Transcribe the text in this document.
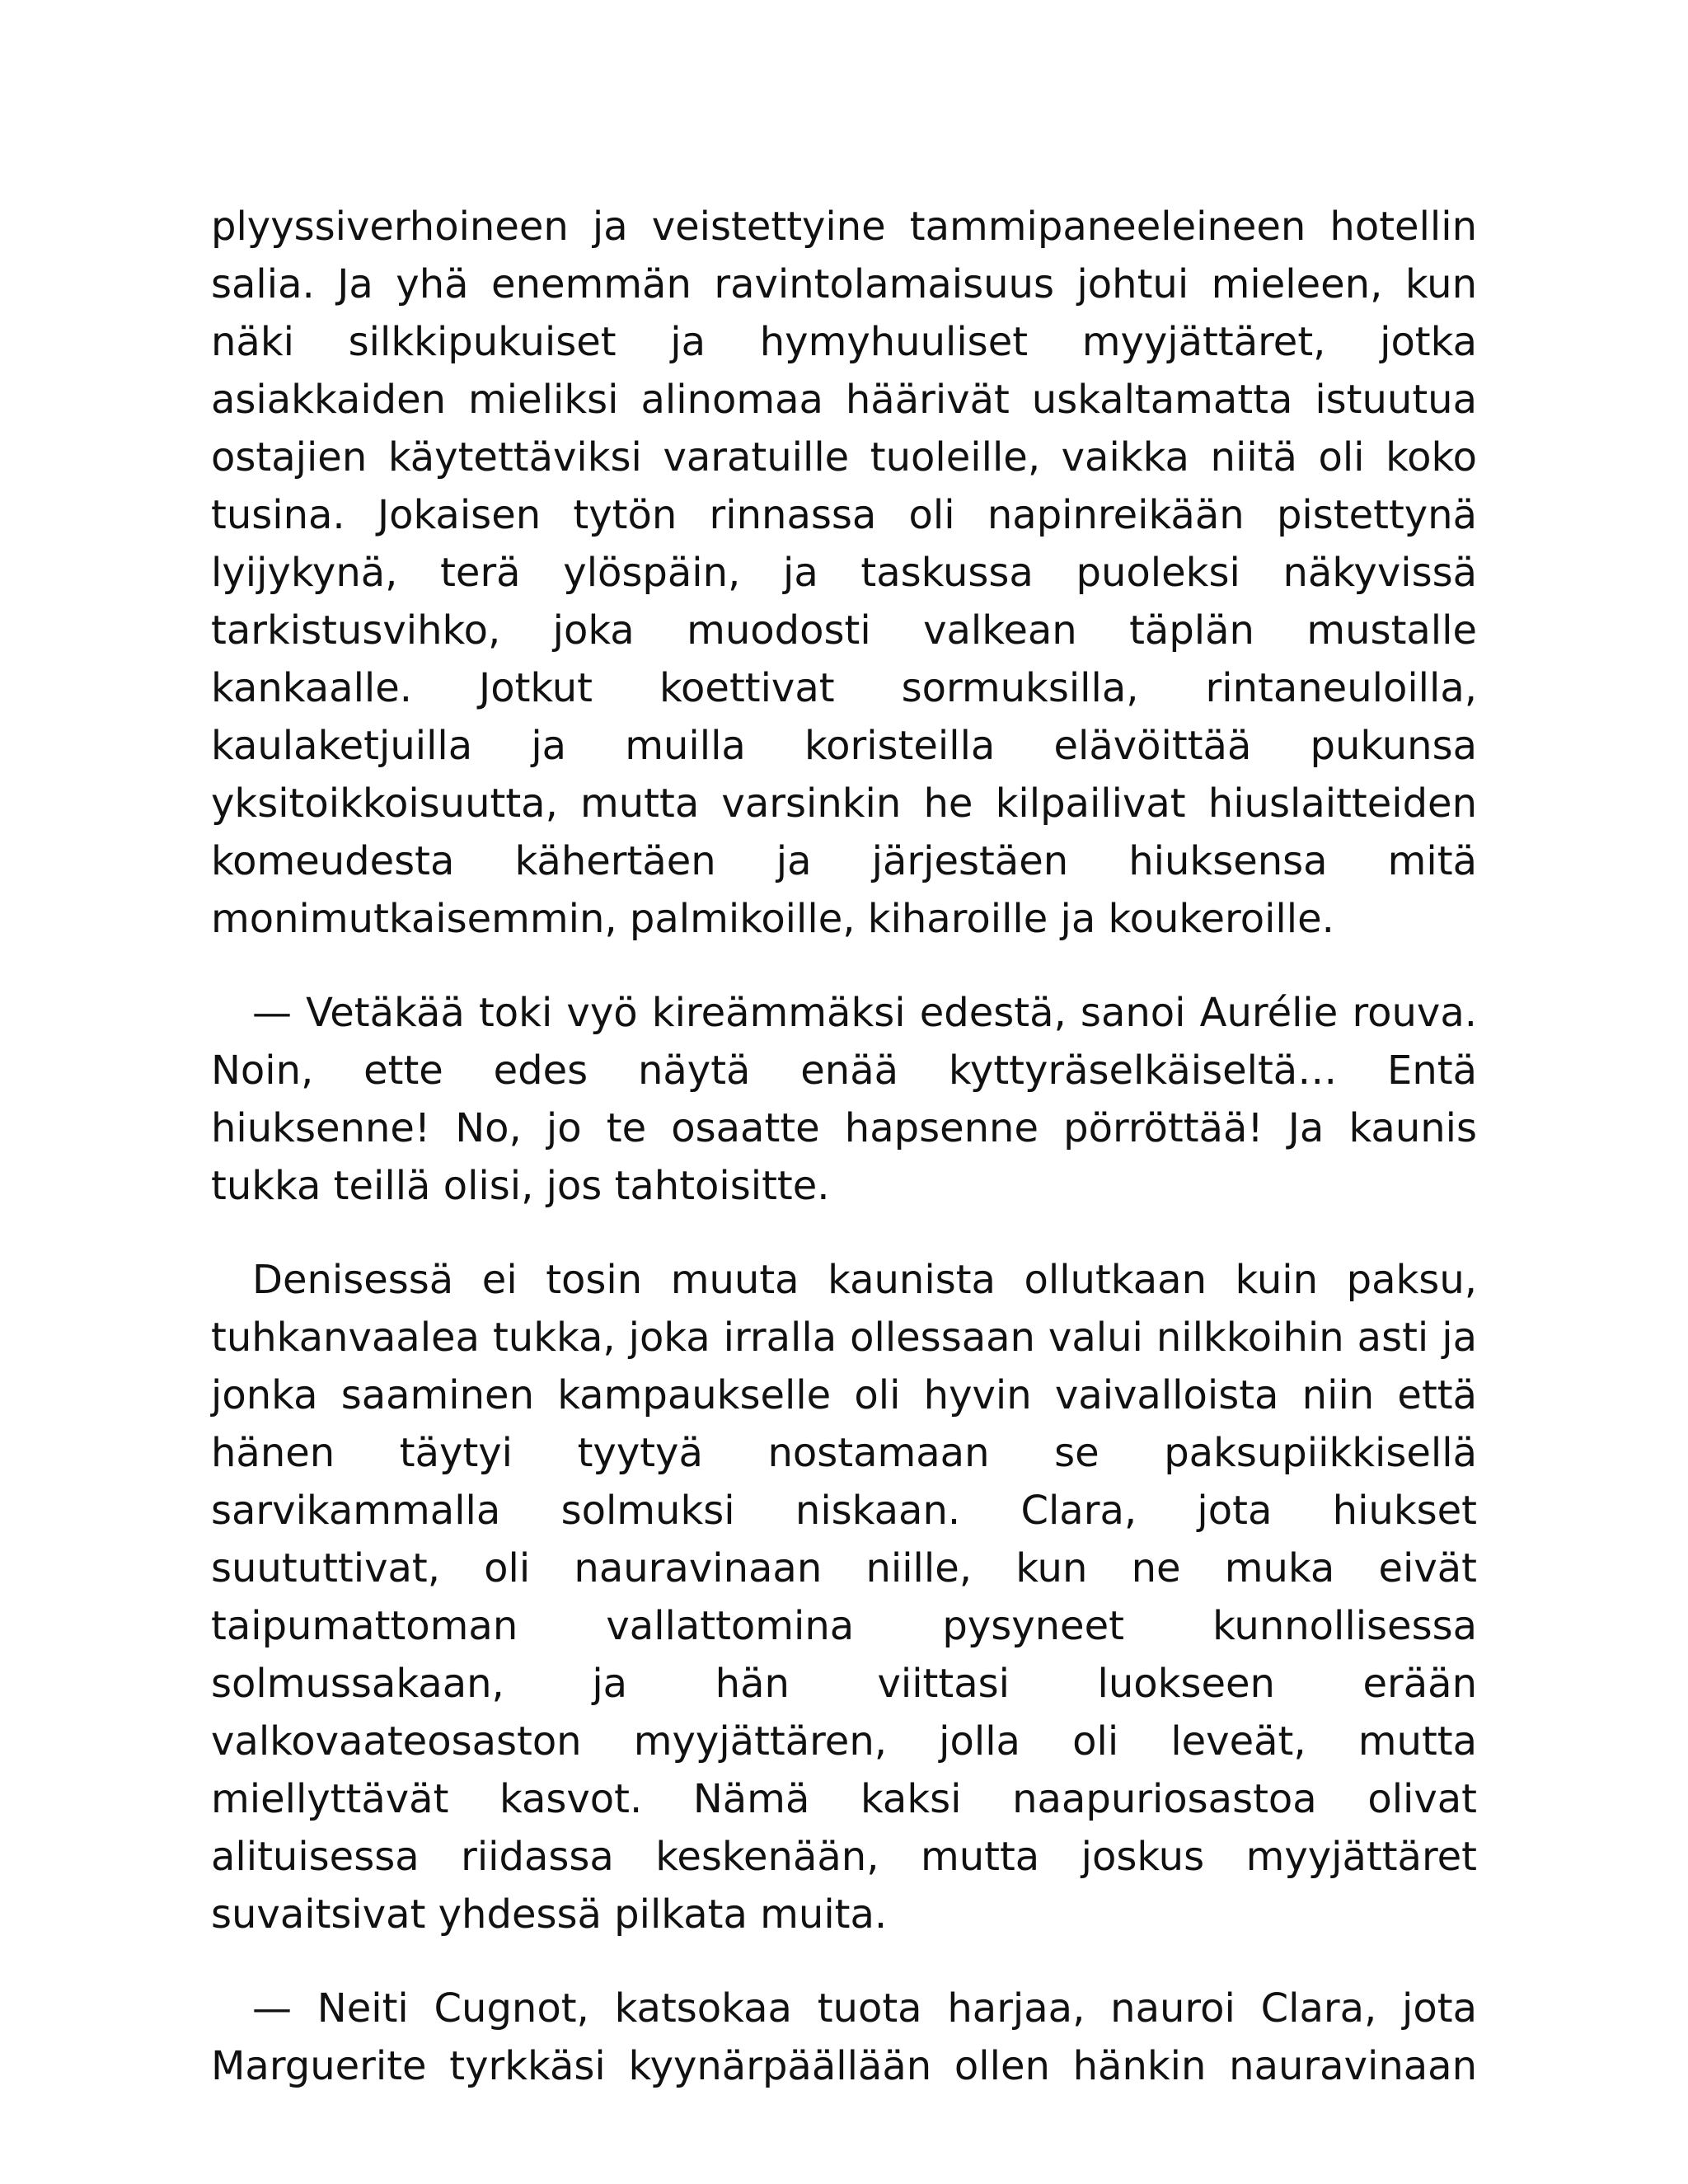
plyyssiverhoineen ja veistettyine tammipaneeleineen hotellin salia. Ja yhä enemmän ravintolamaisuus johtui mieleen, kun näki silkkipukuiset ja hymyhuuliset myyjättäret, jotka asiakkaiden mieliksi alinomaa häärivät uskaltamatta istuutua ostajien käytettäviksi varatuille tuoleille, vaikka niitä oli koko tusina. Jokaisen tytön rinnassa oli napinreikään pistettynä lyijykynä, terä ylöspäin, ja taskussa puoleksi näkyvissä tarkistusvihko, joka muodosti valkean täplän mustalle kankaalle. Jotkut koettivat sormuksilla, rintaneuloilla, kaulaketjuilla ja muilla koristeilla elävöittää pukunsa yksitoikkoisuutta, mutta varsinkin he kilpailivat hiuslaitteiden komeudesta kähertäen ja järjestäen hiuksensa mitä monimutkaisemmin, palmikoille, kiharoille ja koukeroille.

— Vetäkää toki vyö kireämmäksi edestä, sanoi Aurélie rouva. Noin, ette edes näytä enää kyttyräselkäiseltä… Entä hiuksenne! No, jo te osaatte hapsenne pörröttää! Ja kaunis tukka teillä olisi, jos tahtoisitte.

Denisessä ei tosin muuta kaunista ollutkaan kuin paksu, tuhkanvaalea tukka, joka irralla ollessaan valui nilkkoihin asti ja jonka saaminen kampaukselle oli hyvin vaivalloista niin että hänen täytyi tyytyä nostamaan se paksupiikkisellä sarvikammalla solmuksi niskaan. Clara, jota hiukset suututtivat, oli nauravinaan niille, kun ne muka eivät taipumattoman vallattomina pysyneet kunnollisessa solmussakaan, ja hän viittasi luokseen erään valkovaateosaston myyjättären, jolla oli leveät, mutta miellyttävät kasvot. Nämä kaksi naapuriosastoa olivat alituisessa riidassa keskenään, mutta joskus myyjättäret suvaitsivat yhdessä pilkata muita.

— Neiti Cugnot, katsokaa tuota harjaa, nauroi Clara, jota Marguerite tyrkkäsi kyynärpäällään ollen hänkin nauravinaan
